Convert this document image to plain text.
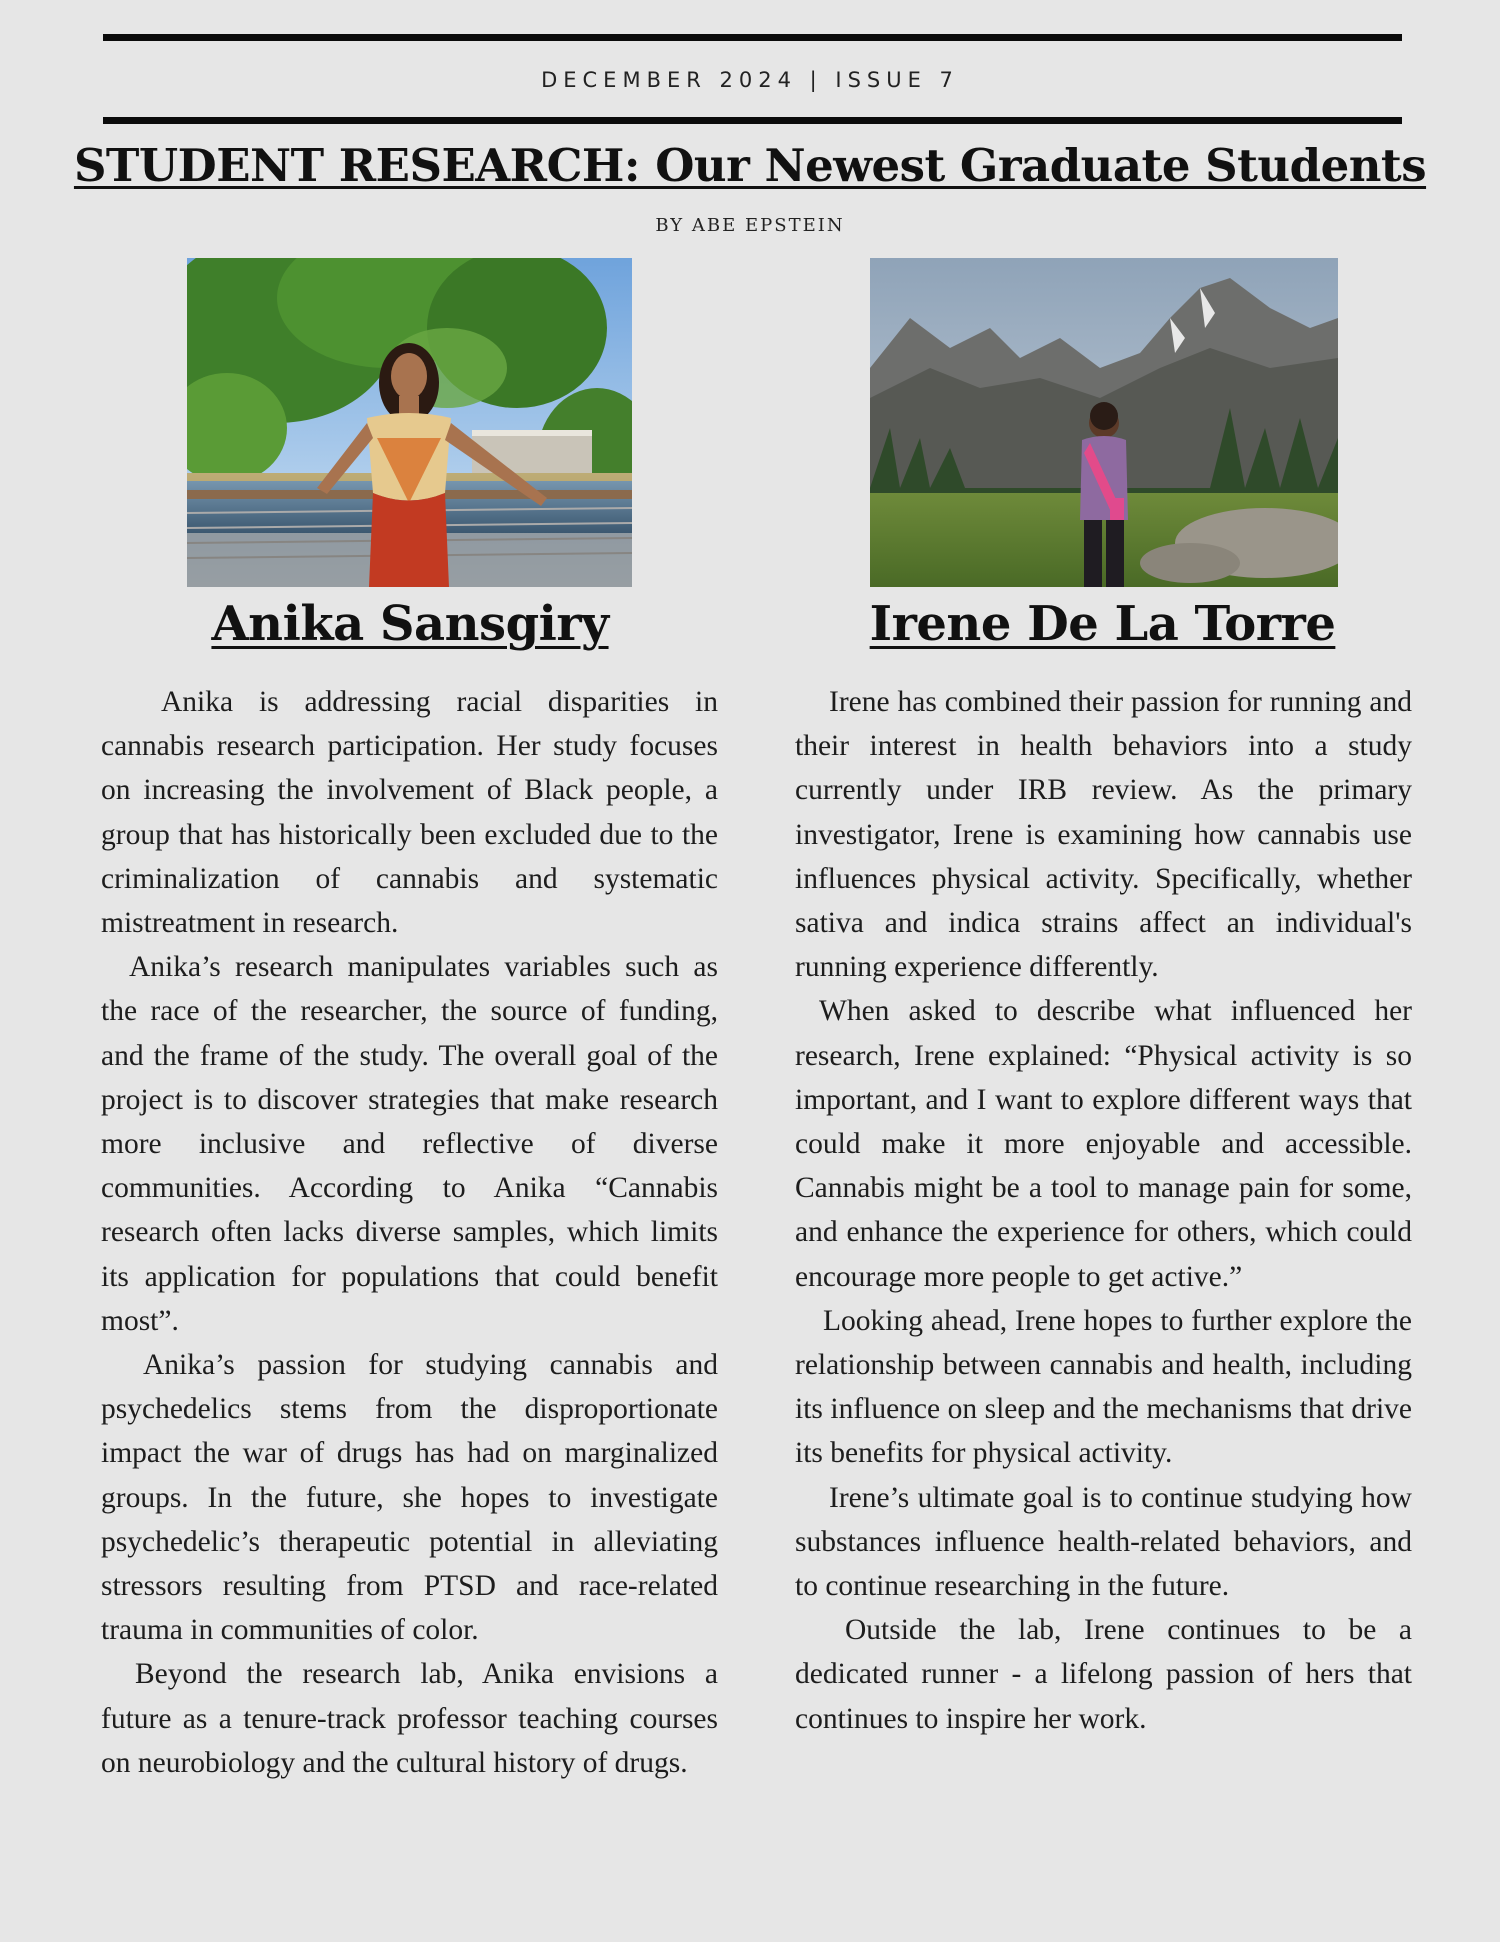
DECEMBER 2024 | ISSUE 7
STUDENT RESEARCH: Our Newest Graduate Students
BY ABE EPSTEIN
Anika Sansgiry	Irene De La Torre

Anika is addressing racial disparities in cannabis research participation. Her study focuses on increasing the involvement of Black people, a group that has historically been excluded due to the criminalization of cannabis and systematic mistreatment in research.

Anika’s research manipulates variables such as the race of the researcher, the source of funding, and the frame of the study. The overall goal of the project is to discover strategies that make research more inclusive and reflective of diverse communities. According to Anika “Cannabis research often lacks diverse samples, which limits its application for populations that could benefit most”.

Anika’s passion for studying cannabis and psychedelics stems from the disproportionate impact the war of drugs has had on marginalized groups. In the future, she hopes to investigate psychedelic’s therapeutic potential in alleviating stressors resulting from PTSD and race-related trauma in communities of color.

Beyond the research lab, Anika envisions a future as a tenure-track professor teaching courses on neurobiology and the cultural history of drugs.

Irene has combined their passion for running and their interest in health behaviors into a study currently under IRB review. As the primary investigator, Irene is examining how cannabis use influences physical activity. Specifically, whether sativa and indica strains affect an individual's running experience differently.

When asked to describe what influenced her research, Irene explained: “Physical activity is so important, and I want to explore different ways that could make it more enjoyable and accessible. Cannabis might be a tool to manage pain for some, and enhance the experience for others, which could encourage more people to get active.”

Looking ahead, Irene hopes to further explore the relationship between cannabis and health, including its influence on sleep and the mechanisms that drive its benefits for physical activity.

Irene’s ultimate goal is to continue studying how substances influence health-related behaviors, and to continue researching in the future.

Outside the lab, Irene continues to be a dedicated runner - a lifelong passion of hers that continues to inspire her work.
